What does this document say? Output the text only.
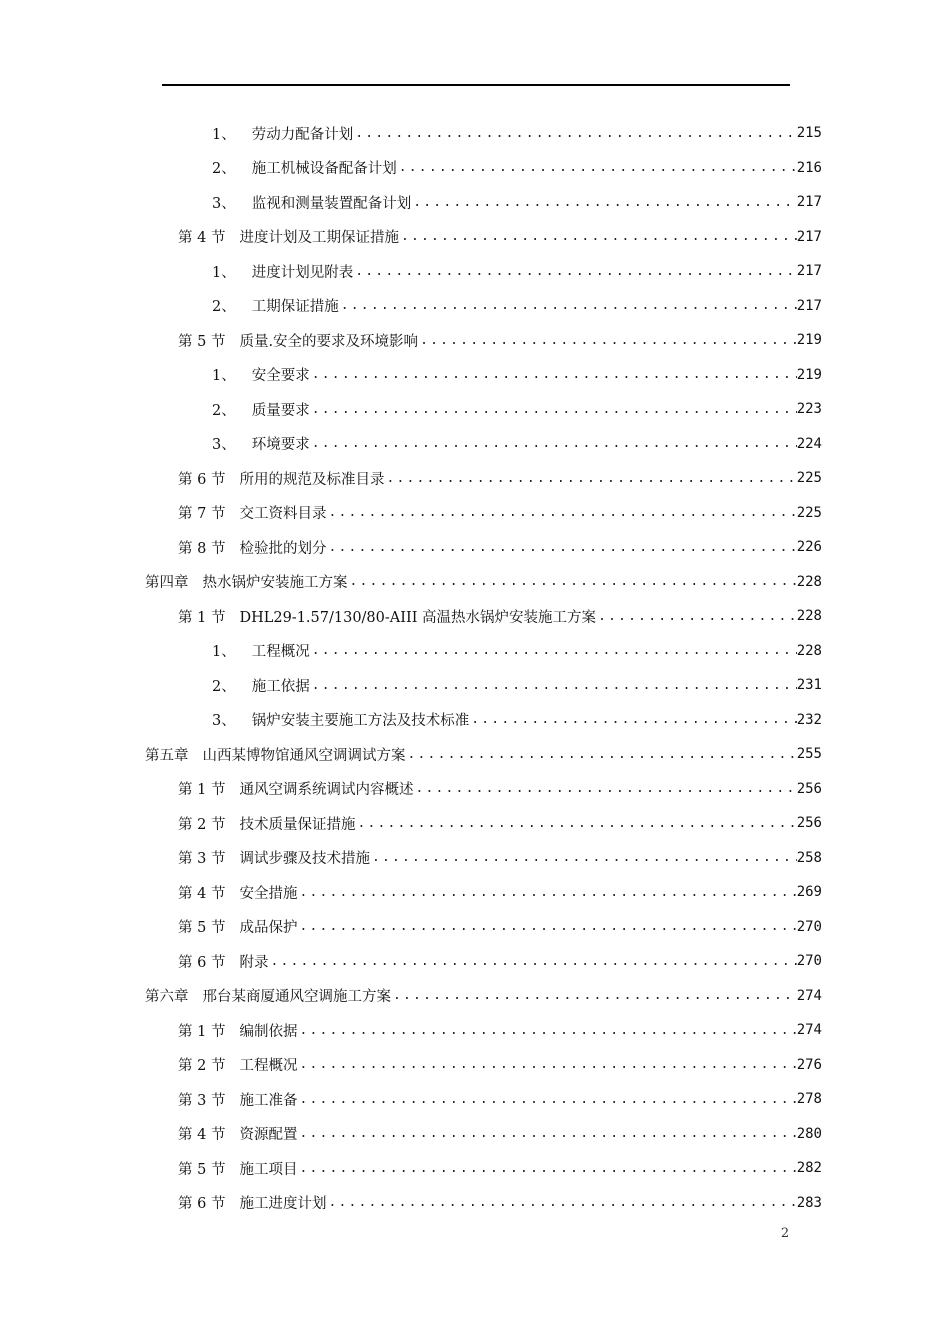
1、 劳动力配备计划 .....	215
2、 施工机械设备配备计划 .....	216
3、 监视和测量装置配备计划 .....	217
第 4 节 进度计划及工期保证措施 .....	217
1、 进度计划见附表 .....	217
2、 工期保证措施 .....	217
第 5 节 质量.安全的要求及环境影响 .....	219
1、 安全要求 .....	219
2、 质量要求 .....	223
3、 环境要求 .....	224
第 6 节 所用的规范及标准目录 .....	225
第 7 节 交工资料目录 .....	225
第 8 节 检验批的划分 .....	226
第四章 热水锅炉安装施工方案 .....	228
第 1 节 DHL29-1.57/130/80-AIII 高温热水锅炉安装施工方案 .....	228
1、 工程概况 .....	228
2、 施工依据 .....	231
3、 锅炉安装主要施工方法及技术标准 .....	232
第五章 山西某博物馆通风空调调试方案 .....	255
第 1 节 通风空调系统调试内容概述 .....	256
第 2 节 技术质量保证措施 .....	256
第 3 节 调试步骤及技术措施 .....	258
第 4 节 安全措施 .....	269
第 5 节 成品保护 .....	270
第 6 节 附录 .....	270
第六章 邢台某商厦通风空调施工方案 .....	274
第 1 节 编制依据 .....	274
第 2 节 工程概况 .....	276
第 3 节 施工准备 .....	278
第 4 节 资源配置 .....	280
第 5 节 施工项目 .....	282
第 6 节 施工进度计划 .....	283
2
